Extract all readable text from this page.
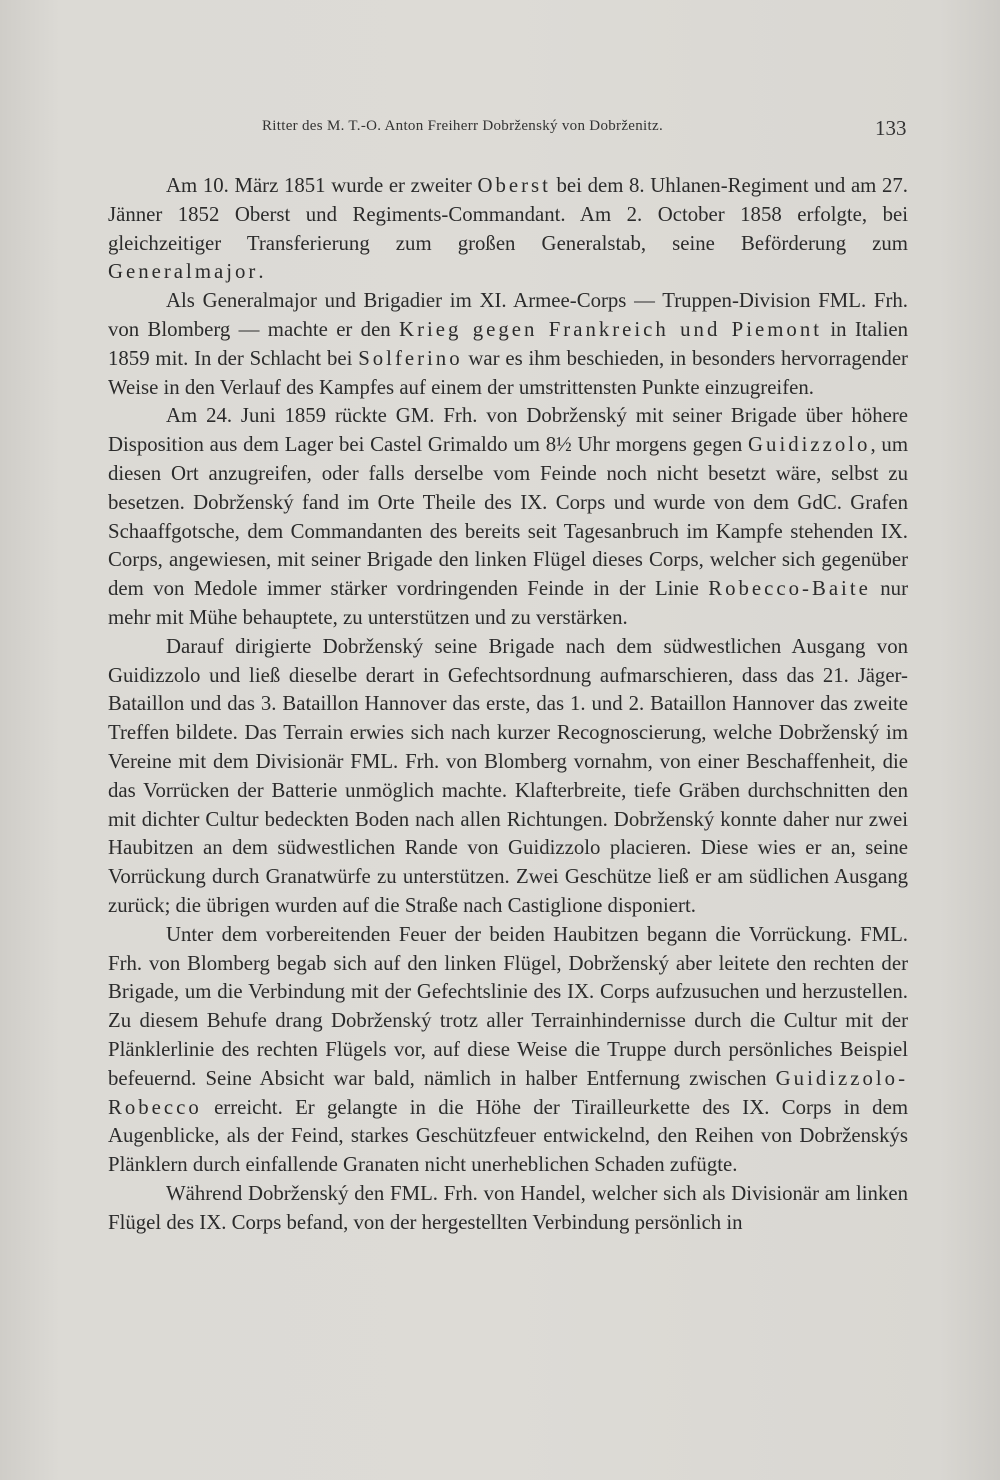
Ritter des M. T.-O. Anton Freiherr Dobrženský von Dobrženitz.	133

Am 10. März 1851 wurde er zweiter Oberst bei dem 8. Uhlanen-Regiment und am 27. Jänner 1852 Oberst und Regiments-Commandant. Am 2. October 1858 erfolgte, bei gleichzeitiger Transferierung zum großen Generalstab, seine Beförderung zum Generalmajor.

Als Generalmajor und Brigadier im XI. Armee-Corps — Truppen-Division FML. Frh. von Blomberg — machte er den Krieg gegen Frankreich und Piemont in Italien 1859 mit. In der Schlacht bei Solferino war es ihm beschieden, in besonders hervorragender Weise in den Verlauf des Kampfes auf einem der umstrittensten Punkte einzugreifen.

Am 24. Juni 1859 rückte GM. Frh. von Dobrženský mit seiner Brigade über höhere Disposition aus dem Lager bei Castel Grimaldo um 8½ Uhr morgens gegen Guidizzolo, um diesen Ort anzugreifen, oder falls derselbe vom Feinde noch nicht besetzt wäre, selbst zu besetzen. Dobrženský fand im Orte Theile des IX. Corps und wurde von dem GdC. Grafen Schaaffgotsche, dem Commandanten des bereits seit Tagesanbruch im Kampfe stehenden IX. Corps, angewiesen, mit seiner Brigade den linken Flügel dieses Corps, welcher sich gegenüber dem von Medole immer stärker vordringenden Feinde in der Linie Robecco-Baite nur mehr mit Mühe behauptete, zu unterstützen und zu verstärken.

Darauf dirigierte Dobrženský seine Brigade nach dem südwestlichen Ausgang von Guidizzolo und ließ dieselbe derart in Gefechtsordnung aufmarschieren, dass das 21. Jäger-Bataillon und das 3. Bataillon Hannover das erste, das 1. und 2. Bataillon Hannover das zweite Treffen bildete. Das Terrain erwies sich nach kurzer Recognoscierung, welche Dobrženský im Vereine mit dem Divisionär FML. Frh. von Blomberg vornahm, von einer Beschaffenheit, die das Vorrücken der Batterie unmöglich machte. Klafterbreite, tiefe Gräben durchschnitten den mit dichter Cultur bedeckten Boden nach allen Richtungen. Dobrženský konnte daher nur zwei Haubitzen an dem südwestlichen Rande von Guidizzolo placieren. Diese wies er an, seine Vorrückung durch Granatwürfe zu unterstützen. Zwei Geschütze ließ er am südlichen Ausgang zurück; die übrigen wurden auf die Straße nach Castiglione disponiert.

Unter dem vorbereitenden Feuer der beiden Haubitzen begann die Vorrückung. FML. Frh. von Blomberg begab sich auf den linken Flügel, Dobrženský aber leitete den rechten der Brigade, um die Verbindung mit der Gefechtslinie des IX. Corps aufzusuchen und herzustellen. Zu diesem Behufe drang Dobrženský trotz aller Terrainhindernisse durch die Cultur mit der Plänklerlinie des rechten Flügels vor, auf diese Weise die Truppe durch persönliches Beispiel befeuernd. Seine Absicht war bald, nämlich in halber Entfernung zwischen Guidizzolo-Robecco erreicht. Er gelangte in die Höhe der Tirailleurkette des IX. Corps in dem Augenblicke, als der Feind, starkes Geschützfeuer entwickelnd, den Reihen von Dobrženskýs Plänklern durch einfallende Granaten nicht unerheblichen Schaden zufügte.

Während Dobrženský den FML. Frh. von Handel, welcher sich als Divisionär am linken Flügel des IX. Corps befand, von der hergestellten Verbindung persönlich in
